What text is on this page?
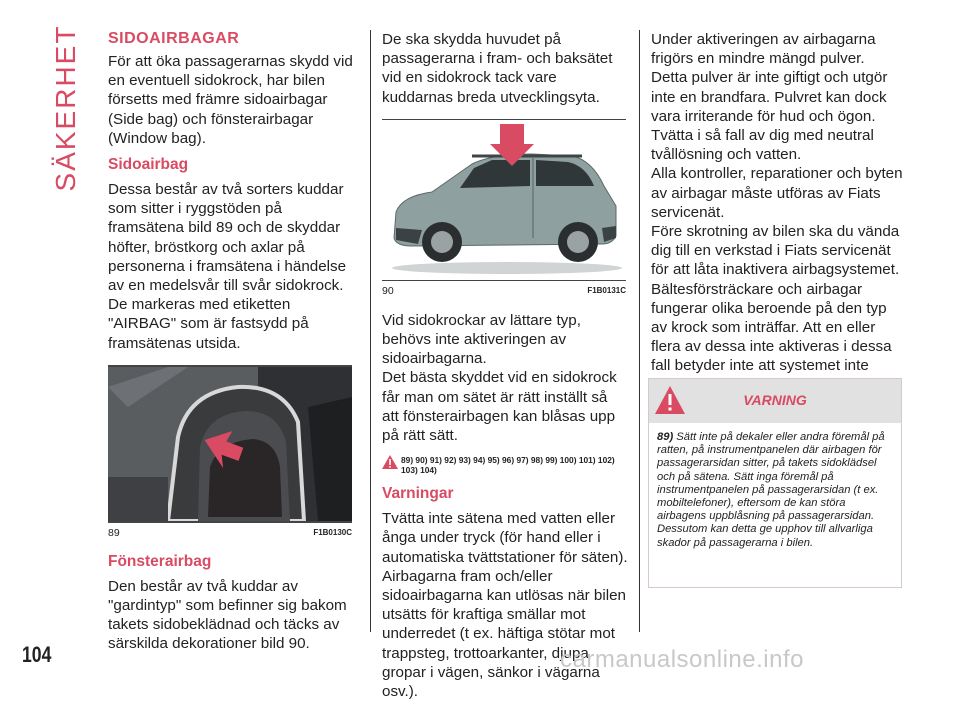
SÄKERHET
104
SIDOAIRBAGAR

För att öka passagerarnas skydd vid en eventuell sidokrock, har bilen försetts med främre sidoairbagar (Side bag) och fönsterairbagar (Window bag).

Sidoairbag

Dessa består av två sorters kuddar som sitter i ryggstöden på framsätena bild 89 och de skyddar höfter, bröstkorg och axlar på personerna i framsätena i händelse av en medelsvår till svår sidokrock.

De markeras med etiketten "AIRBAG" som är fastsydd på framsätenas utsida.

89	F1B0130C
Fönsterairbag

Den består av två kuddar av "gardintyp" som befinner sig bakom takets sidobeklädnad och täcks av särskilda dekorationer bild 90.

De ska skydda huvudet på passagerarna i fram- och baksätet vid en sidokrock tack vare kuddarnas breda utvecklingsyta.

90	F1B0131C

Vid sidokrockar av lättare typ, behövs inte aktiveringen av sidoairbagarna.

Det bästa skyddet vid en sidokrock får man om sätet är rätt inställt så att fönsterairbagen kan blåsas upp på rätt sätt.

89) 90) 91) 92) 93) 94) 95) 96) 97) 98) 99) 100) 101) 102) 103) 104)
Varningar

Tvätta inte sätena med vatten eller ånga under tryck (för hand eller i automatiska tvättstationer för säten).

Airbagarna fram och/eller sidoairbagarna kan utlösas när bilen utsätts för kraftiga smällar mot underredet (t ex. häftiga stötar mot trappsteg, trottoarkanter, djupa gropar i vägen, sänkor i vägarna osv.).

Under aktiveringen av airbagarna frigörs en mindre mängd pulver. Detta pulver är inte giftigt och utgör inte en brandfara. Pulvret kan dock vara irriterande för hud och ögon. Tvätta i så fall av dig med neutral tvållösning och vatten.

Alla kontroller, reparationer och byten av airbagar måste utföras av Fiats servicenät.

Före skrotning av bilen ska du vända dig till en verkstad i Fiats servicenät för att låta inaktivera airbagsystemet.

Bältesförsträckare och airbagar fungerar olika beroende på den typ av krock som inträffar. Att en eller flera av dessa inte aktiveras i dessa fall betyder inte att systemet inte

VARNING
89) Sätt inte på dekaler eller andra föremål på ratten, på instrumentpanelen där airbagen för passagerarsidan sitter, på takets sidoklädsel och på sätena. Sätt inga föremål på instrumentpanelen på passagerarsidan (t ex. mobiltelefoner), eftersom de kan störa airbagens uppblåsning på passagerarsidan. Dessutom kan detta ge upphov till allvarliga skador på passagerarna i bilen.
carmanualsonline.info
